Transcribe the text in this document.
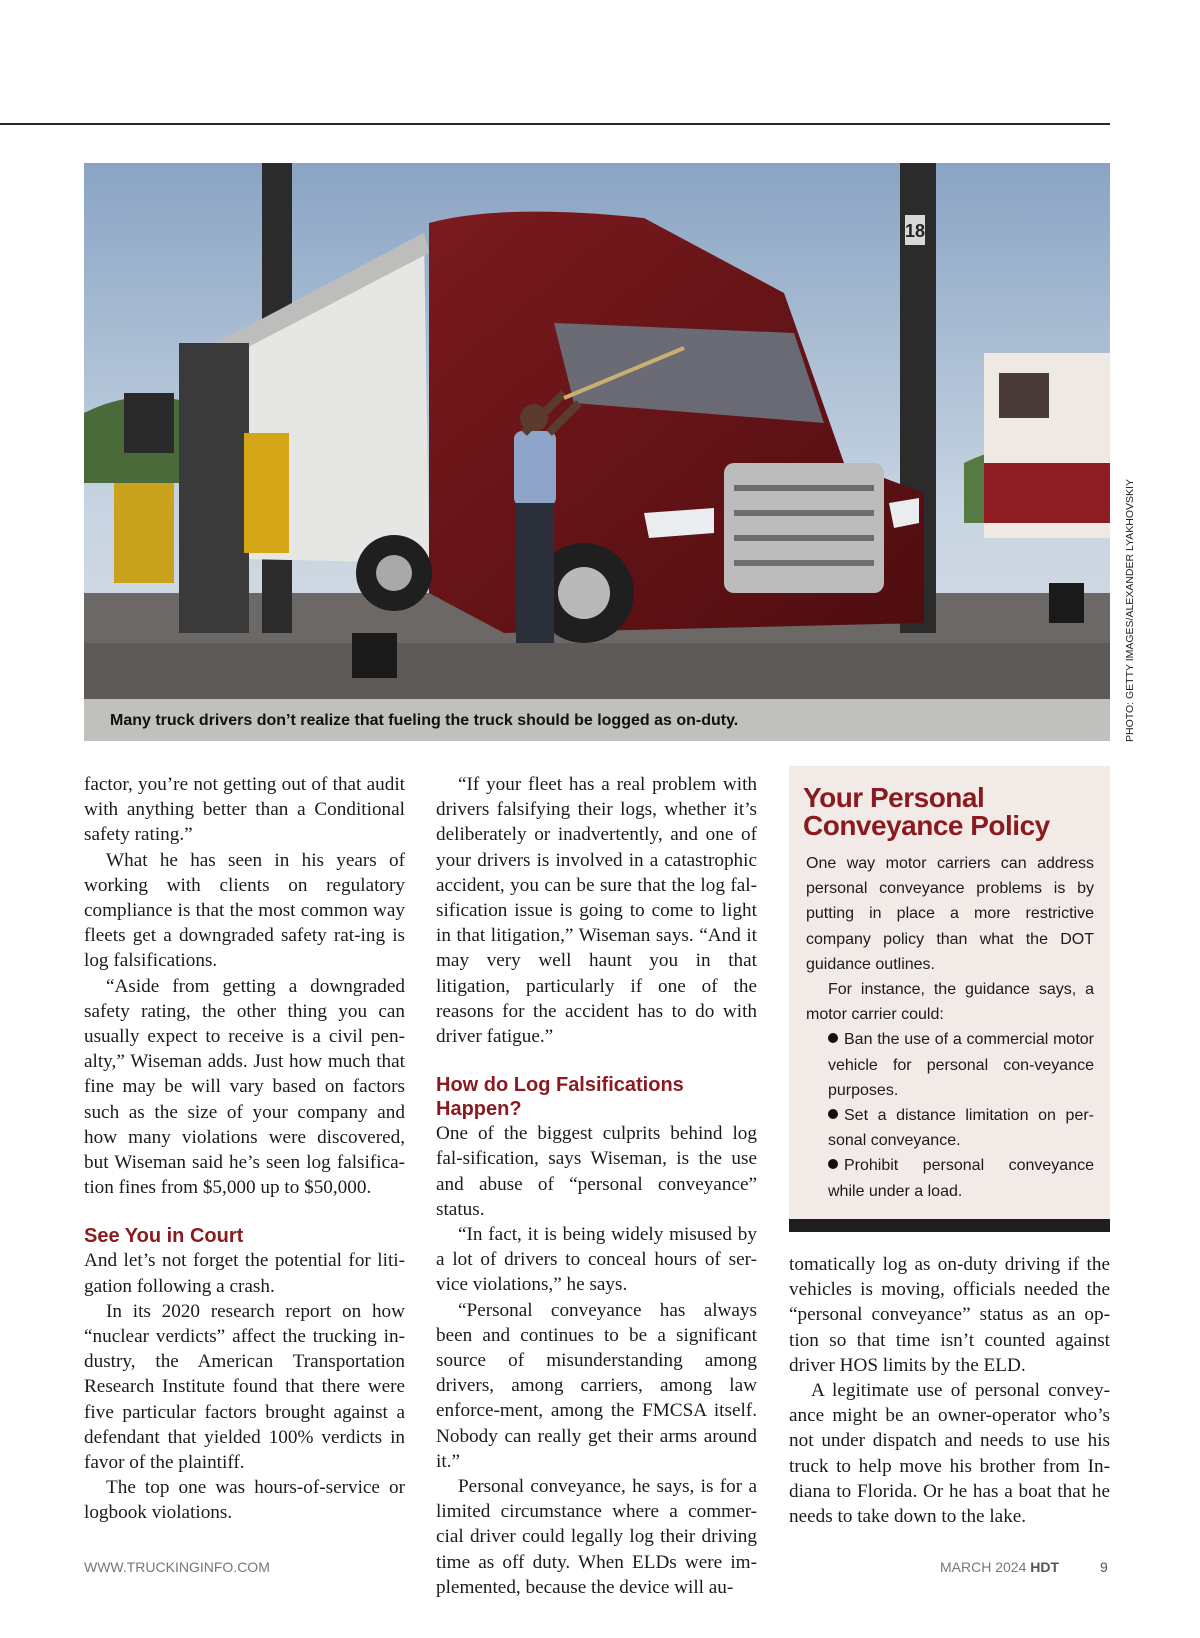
18
Many truck drivers don’t realize that fueling the truck should be logged as on-duty.	PHOTO: GETTY IMAGES/ALEXANDER LYAKHOVSKIY

factor, you’re not getting out of that audit with anything better than a Conditional safety rating.”

What he has seen in his years of working with clients on regulatory compliance is that the most common way fleets get a downgraded safety rat-ing is log falsifications.

“Aside from getting a downgraded safety rating, the other thing you can usually expect to receive is a civil pen-alty,” Wiseman adds. Just how much that fine may be will vary based on factors such as the size of your company and how many violations were discovered, but Wiseman said he’s seen log falsifica-tion fines from $5,000 up to $50,000.

See You in Court

And let’s not forget the potential for liti-gation following a crash.

In its 2020 research report on how “nuclear verdicts” affect the trucking in-dustry, the American Transportation Research Institute found that there were five particular factors brought against a defendant that yielded 100% verdicts in favor of the plaintiff.

The top one was hours-of-service or logbook violations.

“If your fleet has a real problem with drivers falsifying their logs, whether it’s deliberately or inadvertently, and one of your drivers is involved in a catastrophic accident, you can be sure that the log fal-sification issue is going to come to light in that litigation,” Wiseman says. “And it may very well haunt you in that litigation, particularly if one of the reasons for the accident has to do with driver fatigue.”

How do Log Falsifications Happen?

One of the biggest culprits behind log fal-sification, says Wiseman, is the use and abuse of “personal conveyance” status.

“In fact, it is being widely misused by a lot of drivers to conceal hours of ser-vice violations,” he says.

“Personal conveyance has always been and continues to be a significant source of misunderstanding among drivers, among carriers, among law enforce-ment, among the FMCSA itself. Nobody can really get their arms around it.”

Personal conveyance, he says, is for a limited circumstance where a commer-cial driver could legally log their driving time as off duty. When ELDs were im-plemented, because the device will au-

Your Personal Conveyance Policy

One way motor carriers can address personal conveyance problems is by putting in place a more restrictive company policy than what the DOT guidance outlines.

For instance, the guidance says, a motor carrier could:

Ban the use of a commercial motor vehicle for personal con-veyance purposes.
Set a distance limitation on per-sonal conveyance.
Prohibit personal conveyance while under a load.

tomatically log as on-duty driving if the vehicles is moving, officials needed the “personal conveyance” status as an op-tion so that time isn’t counted against driver HOS limits by the ELD.

A legitimate use of personal convey-ance might be an owner-operator who’s not under dispatch and needs to use his truck to help move his brother from In-diana to Florida. Or he has a boat that he needs to take down to the lake.

WWW.TRUCKINGINFO.COM	MARCH 2024 HDT	9
